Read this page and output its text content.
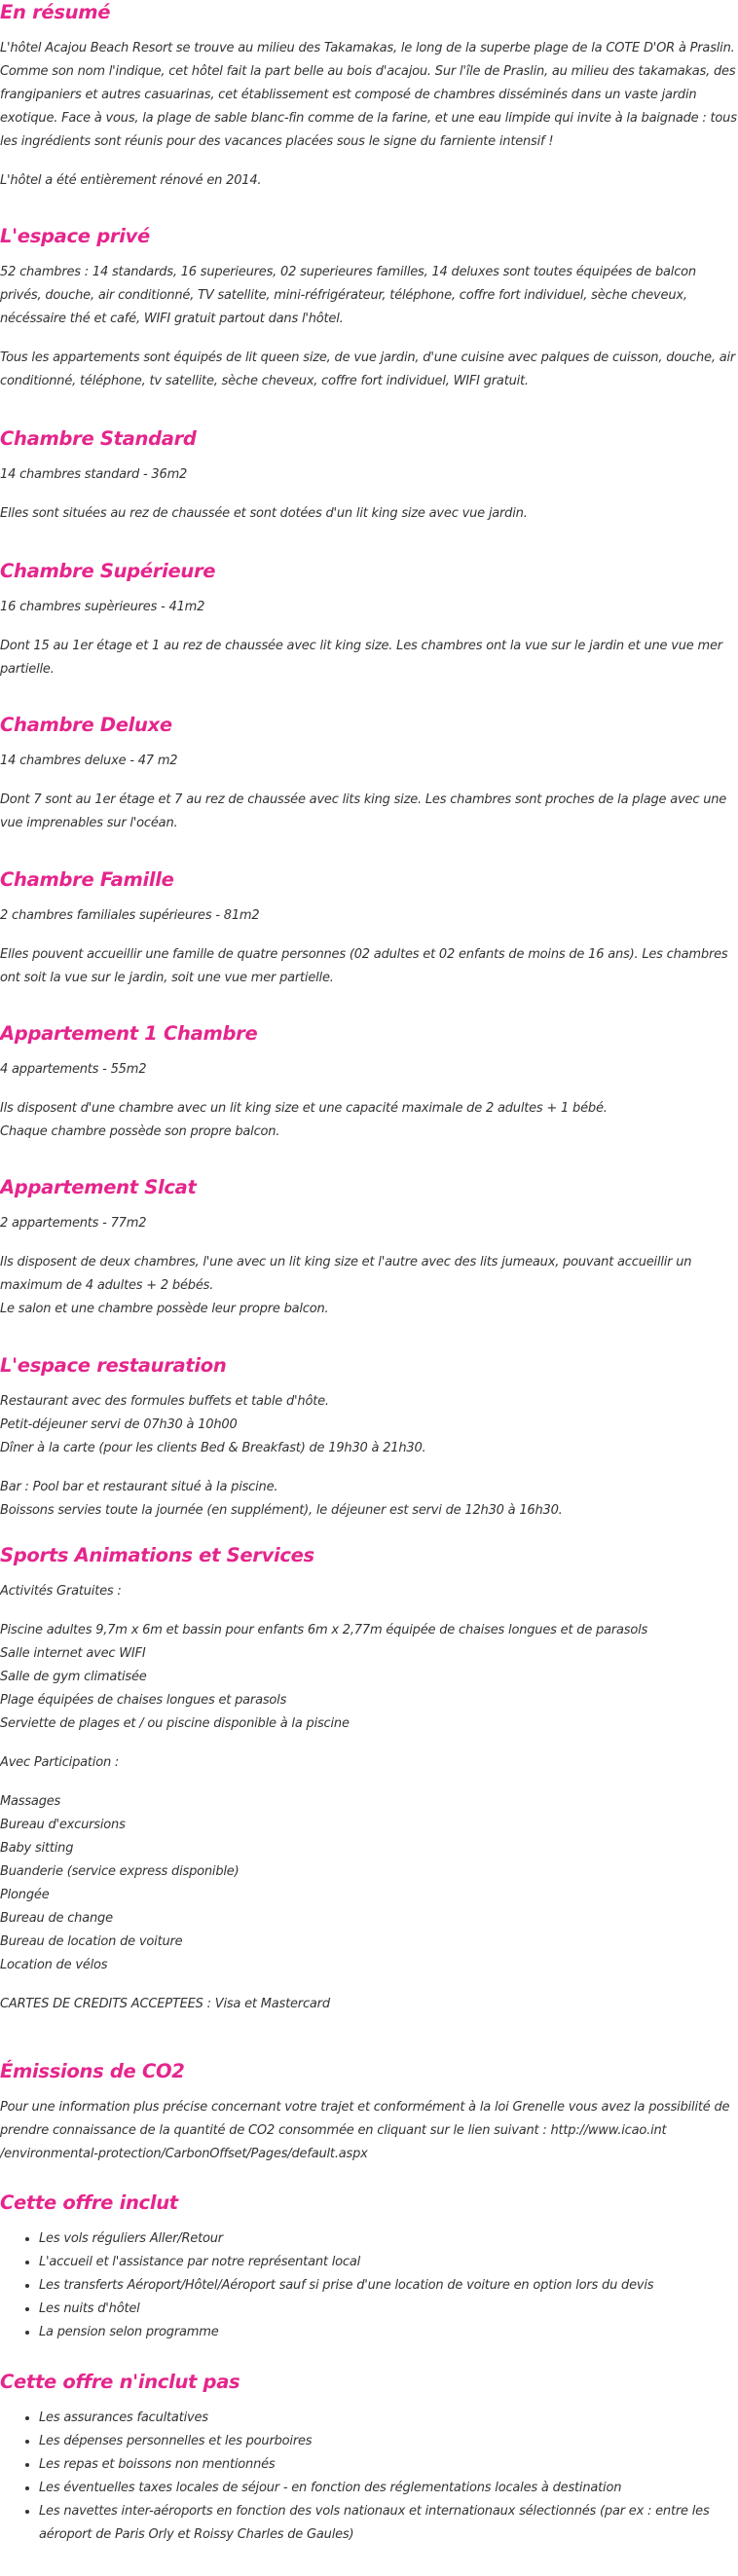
En résumé

L'hôtel Acajou Beach Resort se trouve au milieu des Takamakas, le long de la superbe plage de la COTE D'OR à Praslin. Comme son nom l'indique, cet hôtel fait la part belle au bois d'acajou. Sur l'île de Praslin, au milieu des takamakas, des frangipaniers et autres casuarinas, cet établissement est composé de chambres disséminés dans un vaste jardin exotique. Face à vous, la plage de sable blanc-fin comme de la farine, et une eau limpide qui invite à la baignade : tous les ingrédients sont réunis pour des vacances placées sous le signe du farniente intensif !

L'hôtel a été entièrement rénové en 2014.

L'espace privé

52 chambres : 14 standards, 16 superieures, 02 superieures familles, 14 deluxes sont toutes équipées de balcon privés, douche, air conditionné, TV satellite, mini-réfrigérateur, téléphone, coffre fort individuel, sèche cheveux, nécéssaire thé et café, WIFI gratuit partout dans l'hôtel.

Tous les appartements sont équipés de lit queen size, de vue jardin, d'une cuisine avec palques de cuisson, douche, air conditionné, téléphone, tv satellite, sèche cheveux, coffre fort individuel, WIFI gratuit.

Chambre Standard

14 chambres standard - 36m2

Elles sont situées au rez de chaussée et sont dotées d'un lit king size avec vue jardin.

Chambre Supérieure

16 chambres supèrieures - 41m2

Dont 15 au 1er étage et 1 au rez de chaussée avec lit king size. Les chambres ont la vue sur le jardin et une vue mer partielle.

Chambre Deluxe

14 chambres deluxe - 47 m2

Dont 7 sont au 1er étage et 7 au rez de chaussée avec lits king size. Les chambres sont proches de la plage avec une vue imprenables sur l'océan.

Chambre Famille

2 chambres familiales supérieures - 81m2

Elles pouvent accueillir une famille de quatre personnes (02 adultes et 02 enfants de moins de 16 ans). Les chambres ont soit la vue sur le jardin, soit une vue mer partielle.

Appartement 1 Chambre

4 appartements - 55m2

Ils disposent d'une chambre avec un lit king size et une capacité maximale de 2 adultes + 1 bébé.

Chaque chambre possède son propre balcon.

Appartement Slcat

2 appartements - 77m2

Ils disposent de deux chambres, l'une avec un lit king size et l'autre avec des lits jumeaux, pouvant accueillir un maximum de 4 adultes + 2 bébés.

Le salon et une chambre possède leur propre balcon.

L'espace restauration

Restaurant avec des formules buffets et table d'hôte.

Petit-déjeuner servi de 07h30 à 10h00

Dîner à la carte (pour les clients Bed & Breakfast) de 19h30 à 21h30.

Bar : Pool bar et restaurant situé à la piscine.

Boissons servies toute la journée (en supplément), le déjeuner est servi de 12h30 à 16h30.

Sports Animations et Services

Activités Gratuites :

Piscine adultes 9,7m x 6m et bassin pour enfants 6m x 2,77m équipée de chaises longues et de parasols

Salle internet avec WIFI

Salle de gym climatisée

Plage équipées de chaises longues et parasols

Serviette de plages et / ou piscine disponible à la piscine

Avec Participation :

Massages

Bureau d'excursions

Baby sitting

Buanderie (service express disponible)

Plongée

Bureau de change

Bureau de location de voiture

Location de vélos

CARTES DE CREDITS ACCEPTEES : Visa et Mastercard

Émissions de CO2

Pour une information plus précise concernant votre trajet et conformément à la loi Grenelle vous avez la possibilité de prendre connaissance de la quantité de CO2 consommée en cliquant sur le lien suivant : http://www.icao.int /environmental-protection/CarbonOffset/Pages/default.aspx

Cette offre inclut
• Les vols réguliers Aller/Retour
• L'accueil et l'assistance par notre représentant local
• Les transferts Aéroport/Hôtel/Aéroport sauf si prise d'une location de voiture en option lors du devis
• Les nuits d'hôtel
• La pension selon programme
Cette offre n'inclut pas
• Les assurances facultatives
• Les dépenses personnelles et les pourboires
• Les repas et boissons non mentionnés
• Les éventuelles taxes locales de séjour - en fonction des réglementations locales à destination
• Les navettes inter-aéroports en fonction des vols nationaux et internationaux sélectionnés (par ex : entre les aéroport de Paris Orly et Roissy Charles de Gaules)
